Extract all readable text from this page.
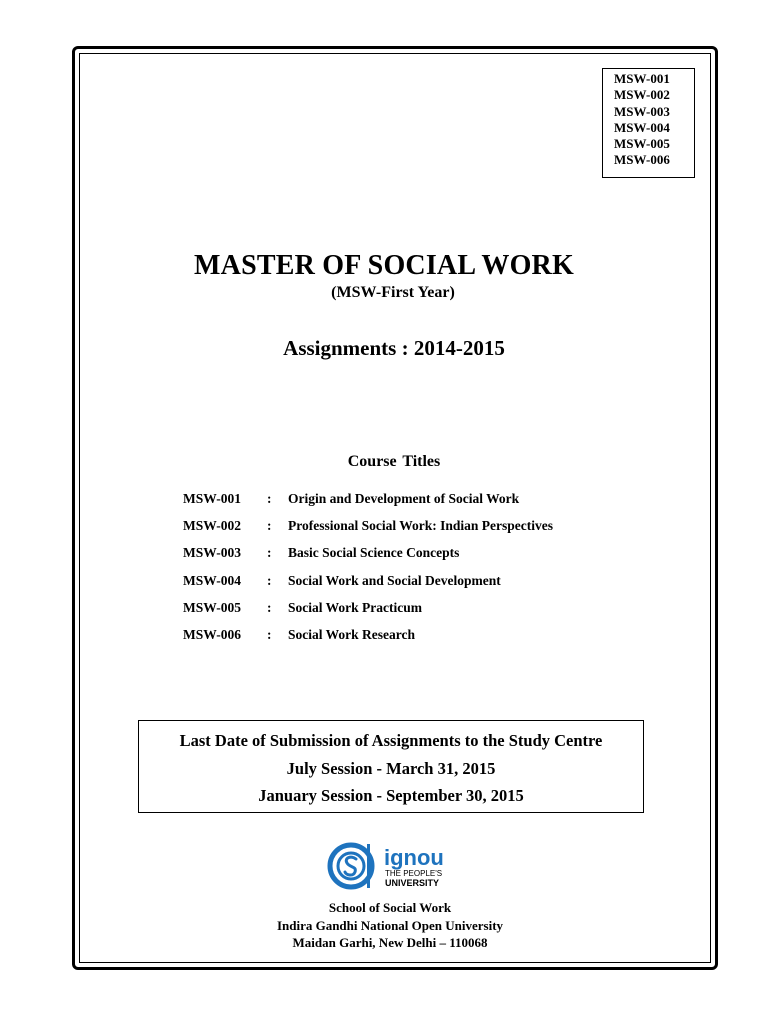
MSW-001
MSW-002
MSW-003
MSW-004
MSW-005
MSW-006
MASTER OF SOCIAL WORK
(MSW-First Year)
Assignments : 2014-2015
Course Titles
MSW-001 : Origin and Development of Social Work
MSW-002 : Professional Social Work: Indian Perspectives
MSW-003 : Basic Social Science Concepts
MSW-004 : Social Work and Social Development
MSW-005 : Social Work Practicum
MSW-006 : Social Work Research
Last Date of Submission of Assignments to the Study Centre
July Session - March 31, 2015
January Session - September 30, 2015
ignou
THE PEOPLE'S
UNIVERSITY
School of Social Work
Indira Gandhi National Open University
Maidan Garhi, New Delhi – 110068
